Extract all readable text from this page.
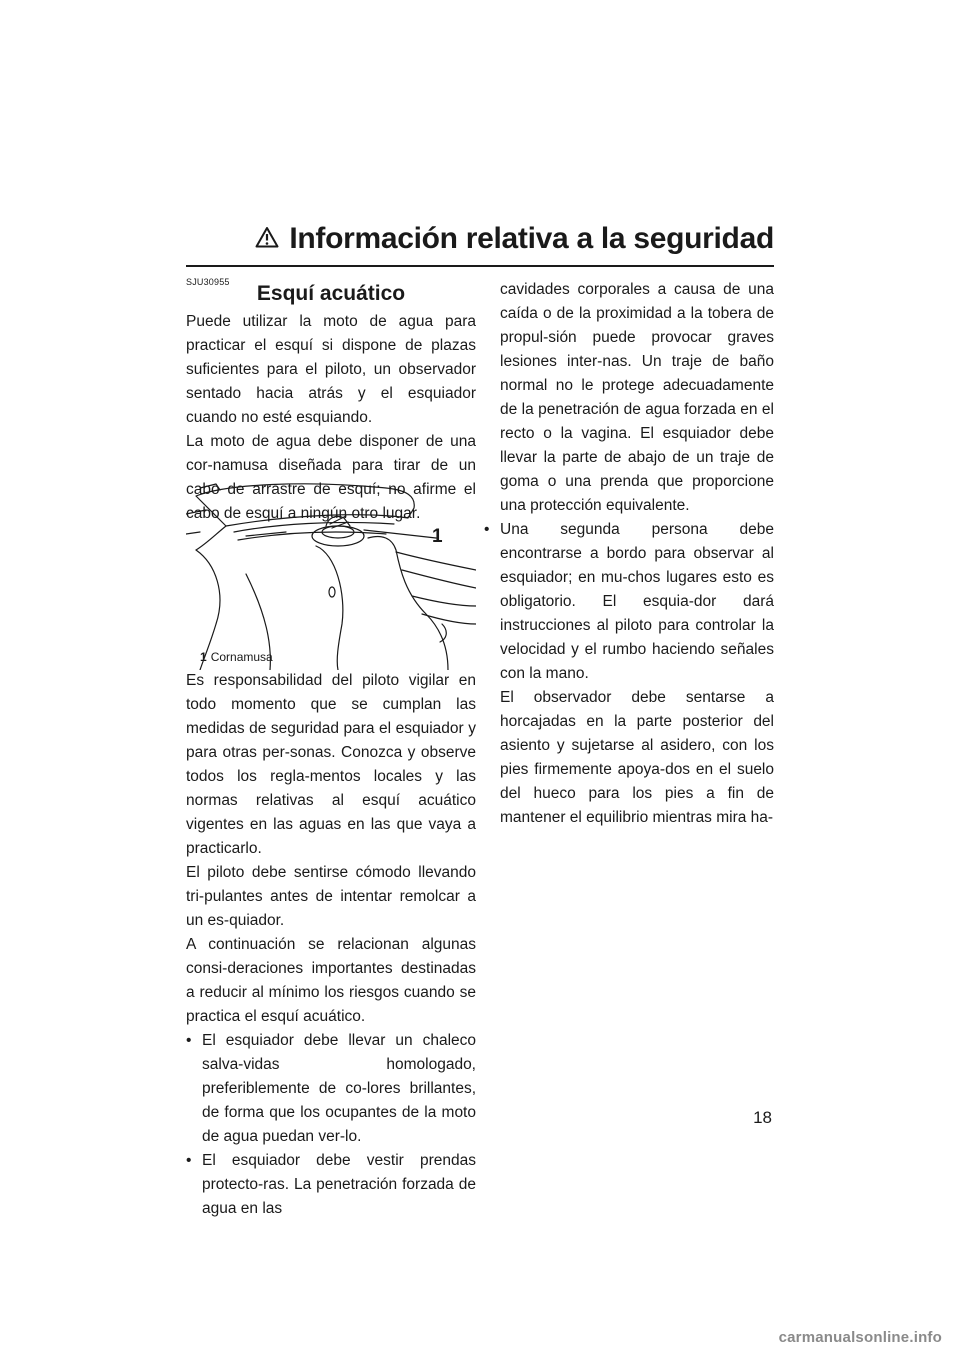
Información relativa a la seguridad
SJU30955	Esquí acuático

Puede utilizar la moto de agua para practicar el esquí si dispone de plazas suficientes para el piloto, un observador sentado hacia atrás y el esquiador cuando no esté esquiando.

La moto de agua debe disponer de una cor-namusa diseñada para tirar de un cabo de arrastre de esquí; no afirme el cabo de esquí a ningún otro lugar.

1
1 Cornamusa

Es responsabilidad del piloto vigilar en todo momento que se cumplan las medidas de seguridad para el esquiador y para otras per-sonas. Conozca y observe todos los regla-mentos locales y las normas relativas al esquí acuático vigentes en las aguas en las que vaya a practicarlo.

El piloto debe sentirse cómodo llevando tri-pulantes antes de intentar remolcar a un es-quiador.

A continuación se relacionan algunas consi-deraciones importantes destinadas a reducir al mínimo los riesgos cuando se practica el esquí acuático.

• El esquiador debe llevar un chaleco salva-vidas homologado, preferiblemente de co-lores brillantes, de forma que los ocupantes de la moto de agua puedan ver-lo.
• El esquiador debe vestir prendas protecto-ras. La penetración forzada de agua en las

cavidades corporales a causa de una caída o de la proximidad a la tobera de propul-sión puede provocar graves lesiones inter-nas. Un traje de baño normal no le protege adecuadamente de la penetración de agua forzada en el recto o la vagina. El esquiador debe llevar la parte de abajo de un traje de goma o una prenda que proporcione una protección equivalente.

• Una segunda persona debe encontrarse a bordo para observar al esquiador; en mu-chos lugares esto es obligatorio. El esquia-dor dará instrucciones al piloto para controlar la velocidad y el rumbo haciendo señales con la mano.

El observador debe sentarse a horcajadas en la parte posterior del asiento y sujetarse al asidero, con los pies firmemente apoya-dos en el suelo del hueco para los pies a fin de mantener el equilibrio mientras mira ha-

18
carmanualsonline.info
